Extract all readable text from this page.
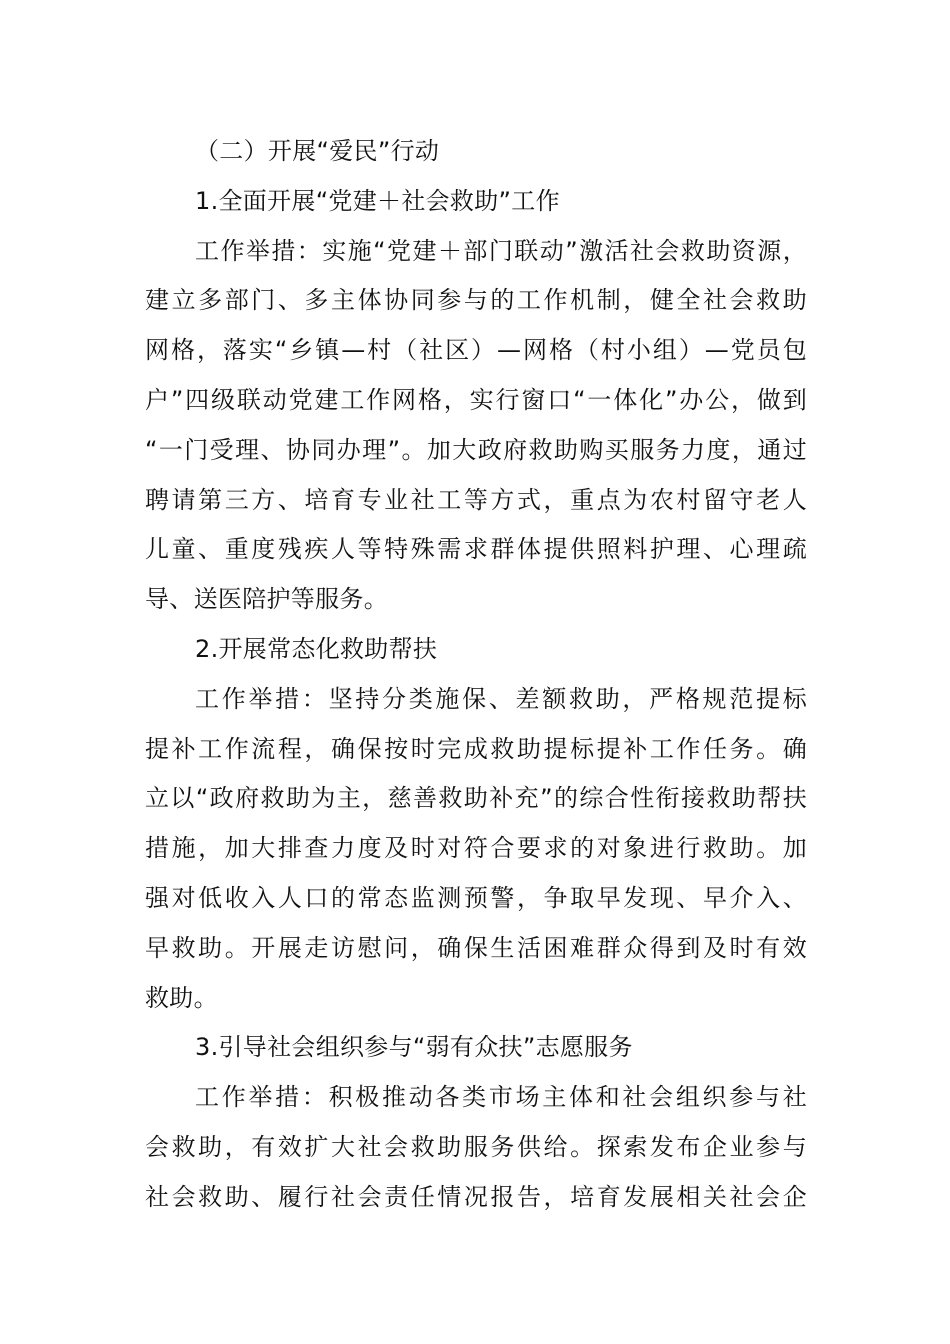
（二）开展“爱民”行动
1.全面开展“党建＋社会救助”工作
工作举措：实施“党建＋部门联动”激活社会救助资源，
建立多部门、多主体协同参与的工作机制，健全社会救助
网格，落实“乡镇—村（社区）—网格（村小组）—党员包
户”四级联动党建工作网格，实行窗口“一体化”办公，做到
“一门受理、协同办理”。加大政府救助购买服务力度，通过
聘请第三方、培育专业社工等方式，重点为农村留守老人
儿童、重度残疾人等特殊需求群体提供照料护理、心理疏
导、送医陪护等服务。
2.开展常态化救助帮扶
工作举措：坚持分类施保、差额救助，严格规范提标
提补工作流程，确保按时完成救助提标提补工作任务。确
立以“政府救助为主，慈善救助补充”的综合性衔接救助帮扶
措施，加大排查力度及时对符合要求的对象进行救助。加
强对低收入人口的常态监测预警，争取早发现、早介入、
早救助。开展走访慰问，确保生活困难群众得到及时有效
救助。
3.引导社会组织参与“弱有众扶”志愿服务
工作举措：积极推动各类市场主体和社会组织参与社
会救助，有效扩大社会救助服务供给。探索发布企业参与
社会救助、履行社会责任情况报告，培育发展相关社会企
